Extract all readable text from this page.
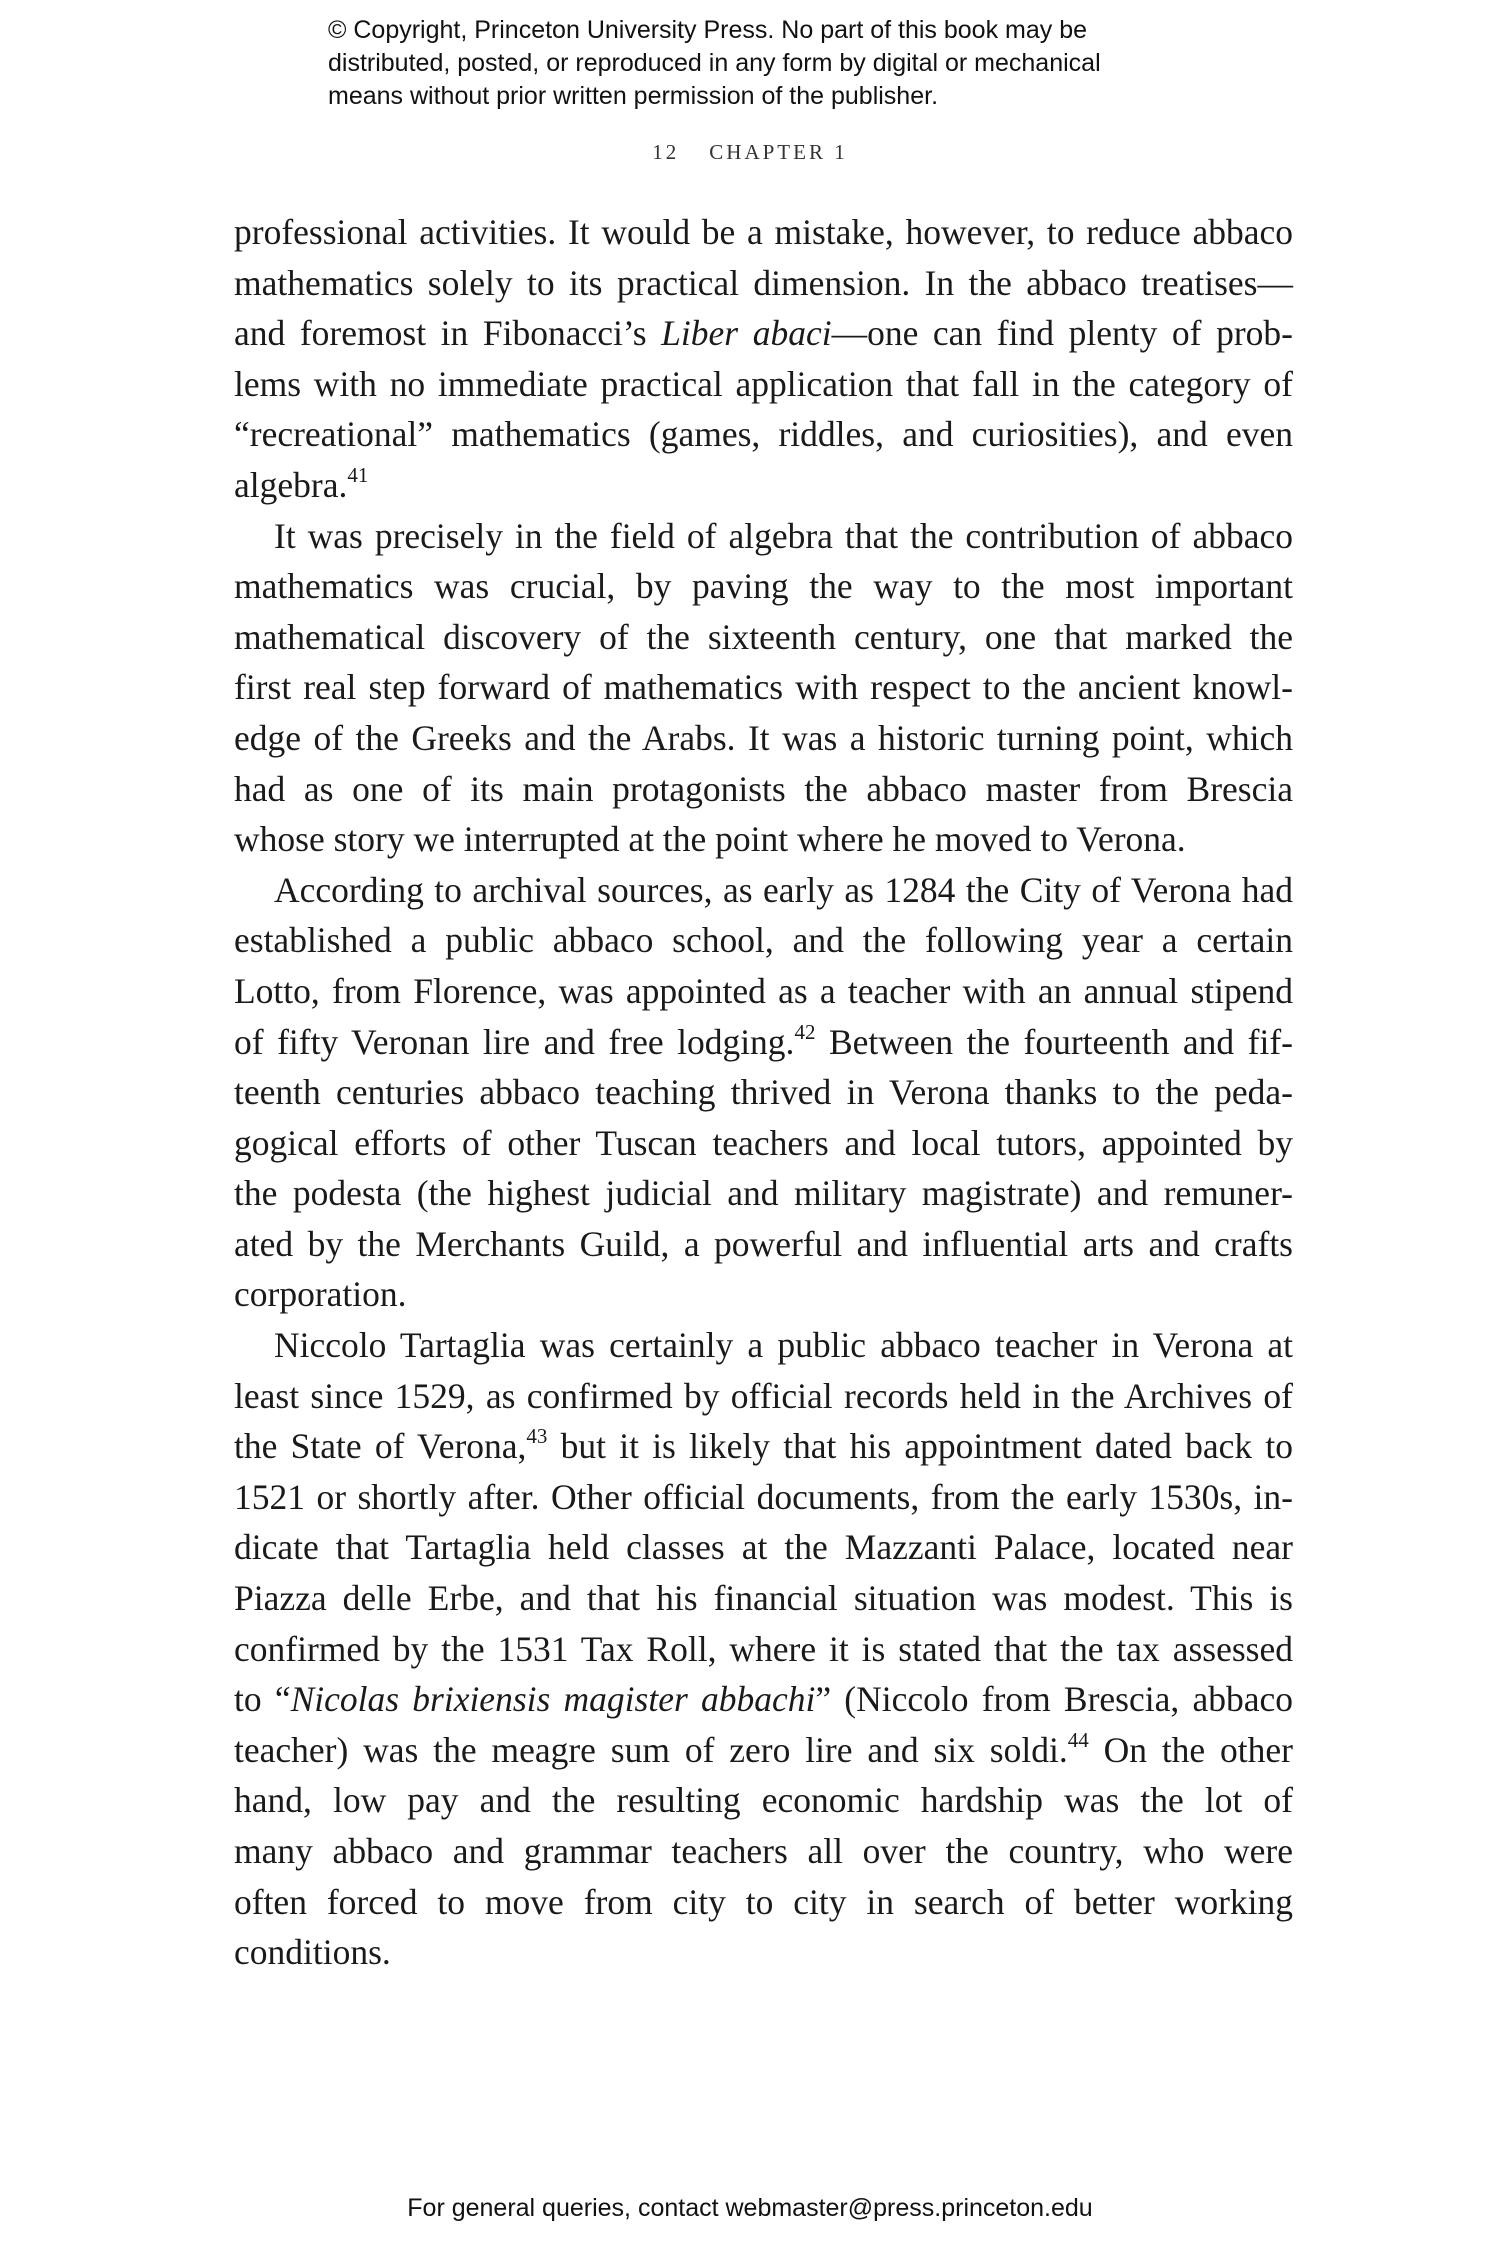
© Copyright, Princeton University Press. No part of this book may be
distributed, posted, or reproduced in any form by digital or mechanical
means without prior written permission of the publisher.
12 CHAPTER 1
professional activities. It would be a mistake, however, to reduce abbaco
mathematics solely to its practical dimension. In the abbaco treatises—
and foremost in Fibonacci’s Liber abaci—one can find plenty of prob-
lems with no immediate practical application that fall in the category of
“recreational” mathematics (games, riddles, and curiosities), and even
algebra.$^{41}$
It was precisely in the field of algebra that the contribution of abbaco
mathematics was crucial, by paving the way to the most important
mathematical discovery of the sixteenth century, one that marked the
first real step forward of mathematics with respect to the ancient knowl-
edge of the Greeks and the Arabs. It was a historic turning point, which
had as one of its main protagonists the abbaco master from Brescia
whose story we interrupted at the point where he moved to Verona.
According to archival sources, as early as 1284 the City of Verona had
established a public abbaco school, and the following year a certain
Lotto, from Florence, was appointed as a teacher with an annual stipend
of fifty Veronan lire and free lodging.$^{42}$ Between the fourteenth and fif-
teenth centuries abbaco teaching thrived in Verona thanks to the peda-
gogical efforts of other Tuscan teachers and local tutors, appointed by
the podesta (the highest judicial and military magistrate) and remuner-
ated by the Merchants Guild, a powerful and influential arts and crafts
corporation.
Niccolo Tartaglia was certainly a public abbaco teacher in Verona at
least since 1529, as confirmed by official records held in the Archives of
the State of Verona,$^{43}$ but it is likely that his appointment dated back to
1521 or shortly after. Other official documents, from the early 1530s, in-
dicate that Tartaglia held classes at the Mazzanti Palace, located near
Piazza delle Erbe, and that his financial situation was modest. This is
confirmed by the 1531 Tax Roll, where it is stated that the tax assessed
to “Nicolas brixiensis magister abbachi” (Niccolo from Brescia, abbaco
teacher) was the meagre sum of zero lire and six soldi.$^{44}$ On the other
hand, low pay and the resulting economic hardship was the lot of
many abbaco and grammar teachers all over the country, who were
often forced to move from city to city in search of better working
conditions.
For general queries, contact webmaster@press.princeton.edu
